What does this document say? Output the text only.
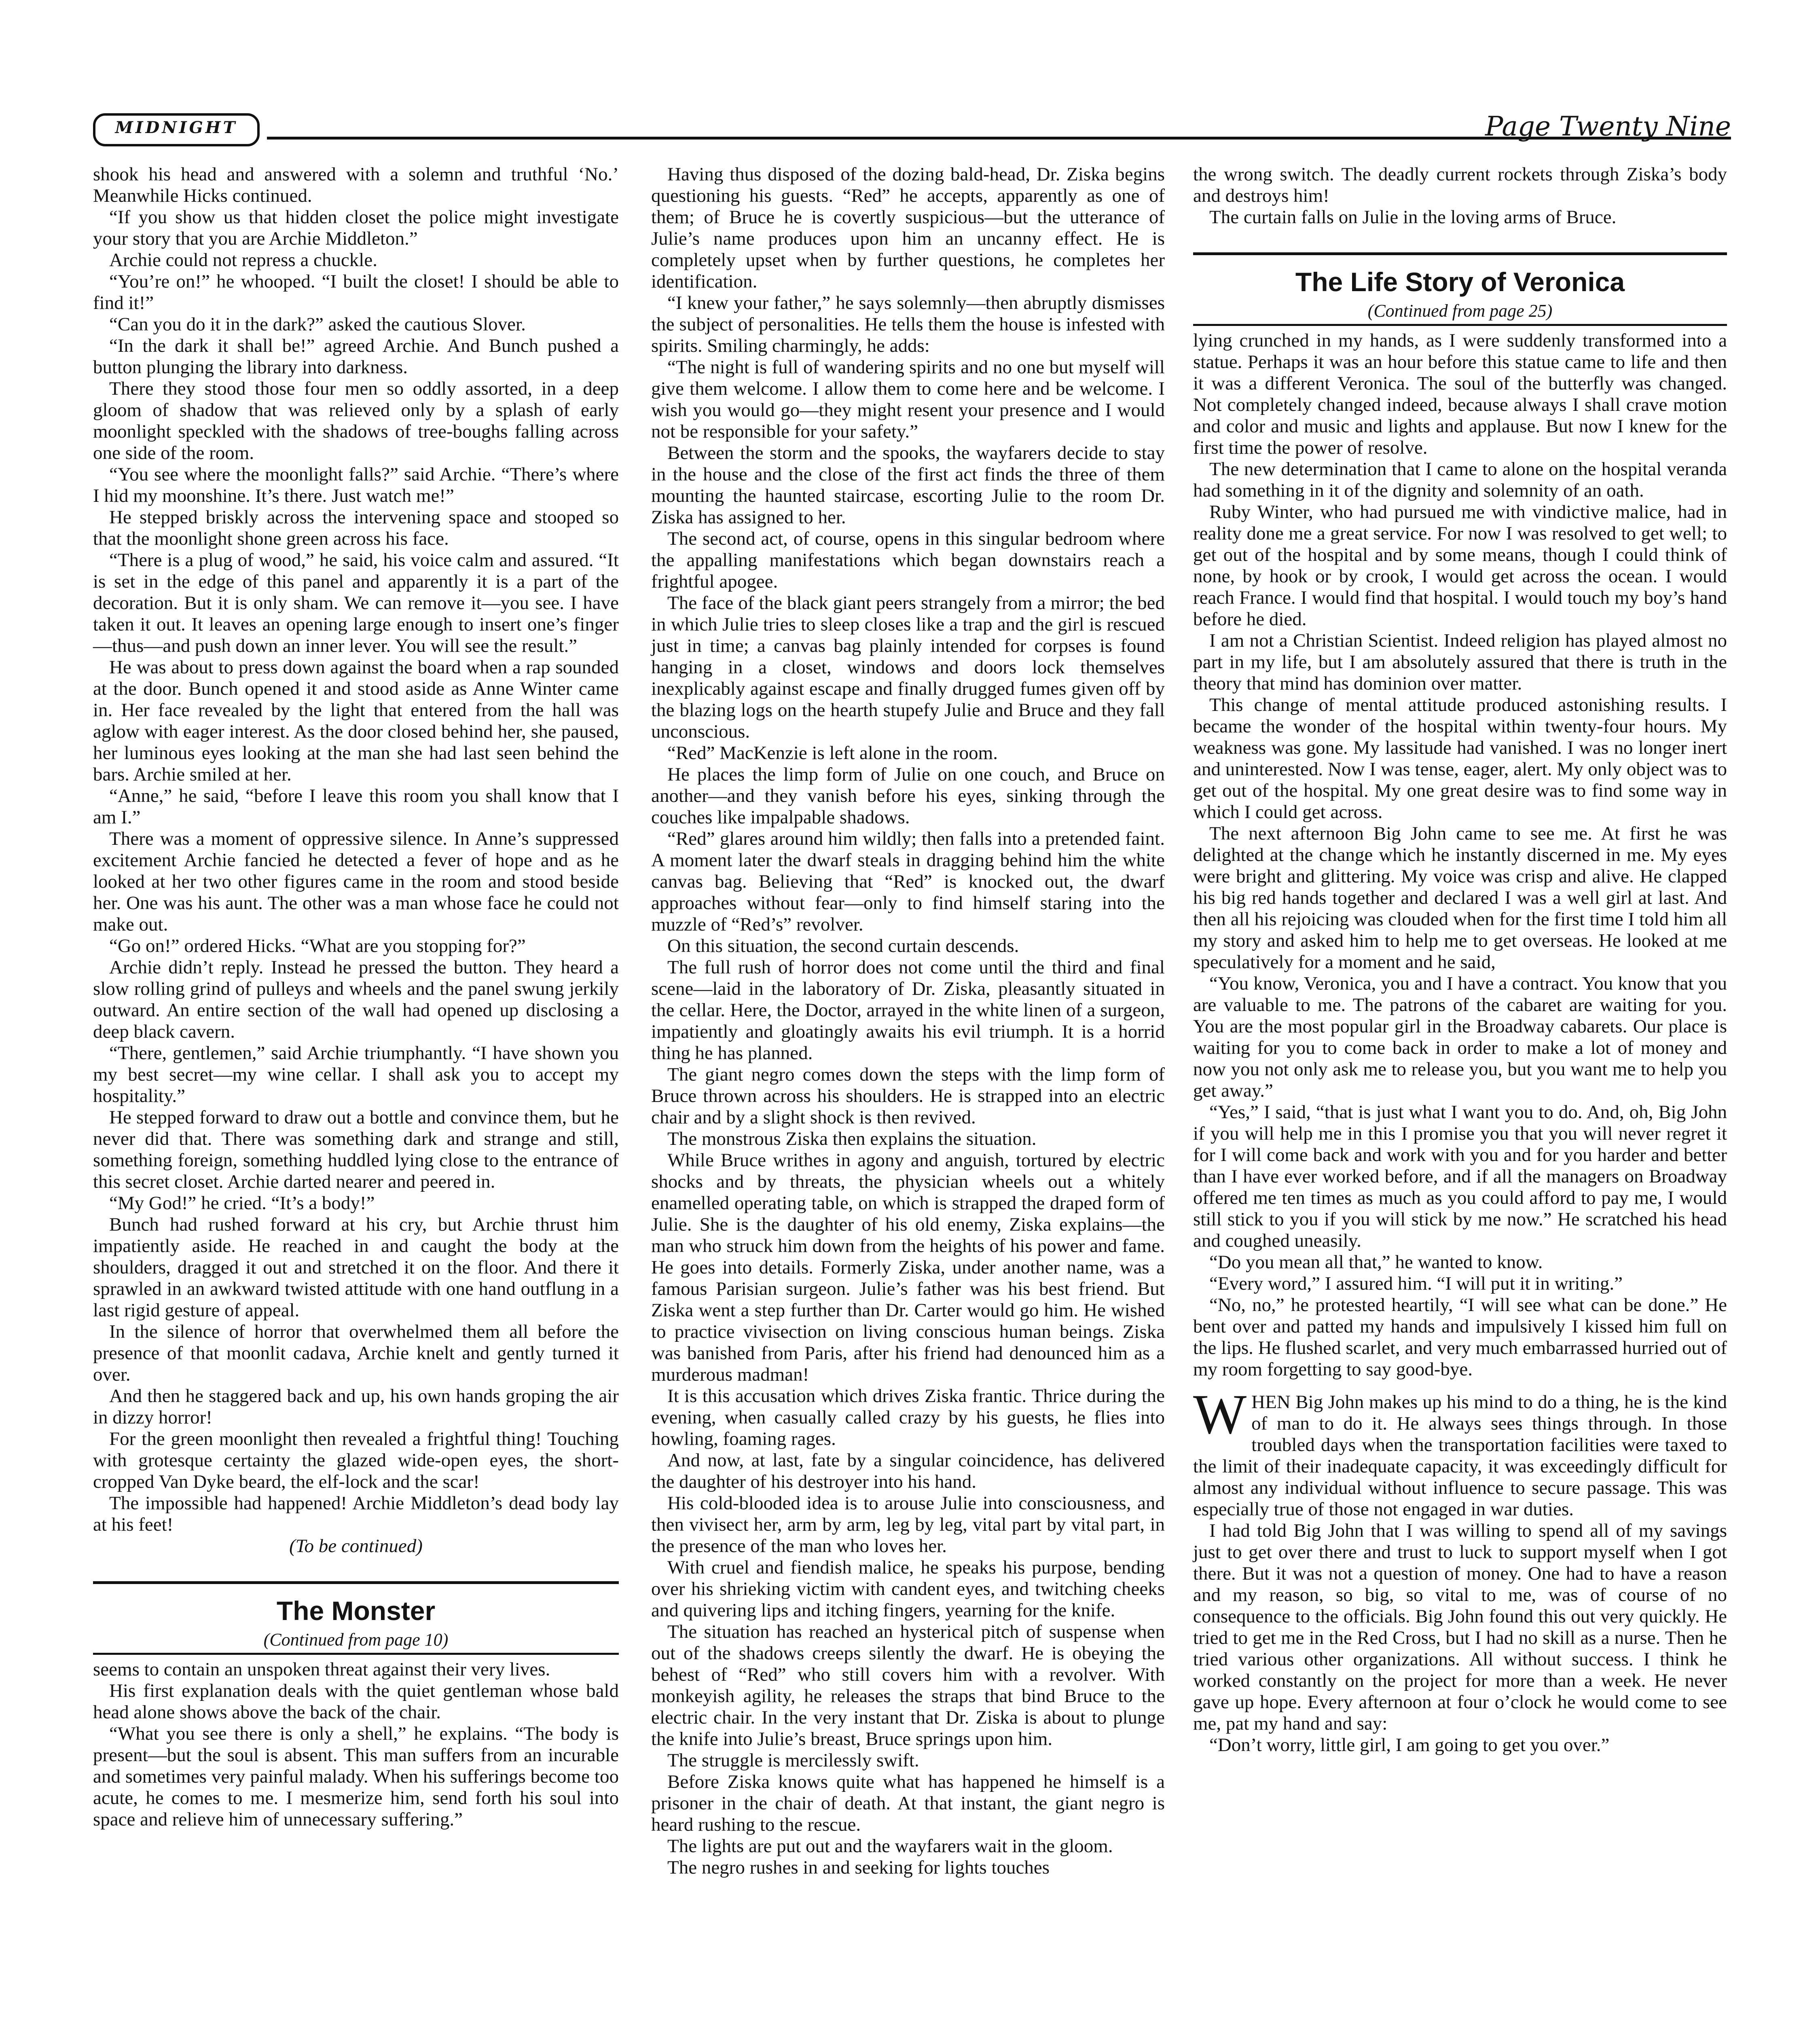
MIDNIGHT	Page Twenty Nine

shook his head and answered with a solemn and truthful ‘No.’ Meanwhile Hicks continued.

“If you show us that hidden closet the police might investigate your story that you are Archie Middleton.”

Archie could not repress a chuckle.

“You’re on!” he whooped. “I built the closet! I should be able to find it!”

“Can you do it in the dark?” asked the cautious Slover.

“In the dark it shall be!” agreed Archie. And Bunch pushed a button plunging the library into darkness.

There they stood those four men so oddly assorted, in a deep gloom of shadow that was relieved only by a splash of early moonlight speckled with the shadows of tree-boughs falling across one side of the room.

“You see where the moonlight falls?” said Archie. “There’s where I hid my moonshine. It’s there. Just watch me!”

He stepped briskly across the intervening space and stooped so that the moonlight shone green across his face.

“There is a plug of wood,” he said, his voice calm and assured. “It is set in the edge of this panel and apparently it is a part of the decoration. But it is only sham. We can remove it—you see. I have taken it out. It leaves an opening large enough to insert one’s finger—thus—and push down an inner lever. You will see the result.”

He was about to press down against the board when a rap sounded at the door. Bunch opened it and stood aside as Anne Winter came in. Her face revealed by the light that entered from the hall was aglow with eager interest. As the door closed behind her, she paused, her luminous eyes looking at the man she had last seen behind the bars. Archie smiled at her.

“Anne,” he said, “before I leave this room you shall know that I am I.”

There was a moment of oppressive silence. In Anne’s suppressed excitement Archie fancied he detected a fever of hope and as he looked at her two other figures came in the room and stood beside her. One was his aunt. The other was a man whose face he could not make out.

“Go on!” ordered Hicks. “What are you stopping for?”

Archie didn’t reply. Instead he pressed the button. They heard a slow rolling grind of pulleys and wheels and the panel swung jerkily outward. An entire section of the wall had opened up disclosing a deep black cavern.

“There, gentlemen,” said Archie triumphantly. “I have shown you my best secret—my wine cellar. I shall ask you to accept my hospitality.”

He stepped forward to draw out a bottle and convince them, but he never did that. There was something dark and strange and still, something foreign, something huddled lying close to the entrance of this secret closet. Archie darted nearer and peered in.

“My God!” he cried. “It’s a body!”

Bunch had rushed forward at his cry, but Archie thrust him impatiently aside. He reached in and caught the body at the shoulders, dragged it out and stretched it on the floor. And there it sprawled in an awkward twisted attitude with one hand outflung in a last rigid gesture of appeal.

In the silence of horror that overwhelmed them all before the presence of that moonlit cadava, Archie knelt and gently turned it over.

And then he staggered back and up, his own hands groping the air in dizzy horror!

For the green moonlight then revealed a frightful thing! Touching with grotesque certainty the glazed wide-open eyes, the short-cropped Van Dyke beard, the elf-lock and the scar!

The impossible had happened! Archie Middleton’s dead body lay at his feet!

(To be continued)

The Monster
(Continued from page 10)

seems to contain an unspoken threat against their very lives.

His first explanation deals with the quiet gentleman whose bald head alone shows above the back of the chair.

“What you see there is only a shell,” he explains. “The body is present—but the soul is absent. This man suffers from an incurable and sometimes very painful malady. When his sufferings become too acute, he comes to me. I mesmerize him, send forth his soul into space and relieve him of unnecessary suffering.”

Having thus disposed of the dozing bald-head, Dr. Ziska begins questioning his guests. “Red” he accepts, apparently as one of them; of Bruce he is covertly suspicious—but the utterance of Julie’s name produces upon him an uncanny effect. He is completely upset when by further questions, he completes her identification.

“I knew your father,” he says solemnly—then abruptly dismisses the subject of personalities. He tells them the house is infested with spirits. Smiling charmingly, he adds:

“The night is full of wandering spirits and no one but myself will give them welcome. I allow them to come here and be welcome. I wish you would go—they might resent your presence and I would not be responsible for your safety.”

Between the storm and the spooks, the wayfarers decide to stay in the house and the close of the first act finds the three of them mounting the haunted staircase, escorting Julie to the room Dr. Ziska has assigned to her.

The second act, of course, opens in this singular bedroom where the appalling manifestations which began downstairs reach a frightful apogee.

The face of the black giant peers strangely from a mirror; the bed in which Julie tries to sleep closes like a trap and the girl is rescued just in time; a canvas bag plainly intended for corpses is found hanging in a closet, windows and doors lock themselves inexplicably against escape and finally drugged fumes given off by the blazing logs on the hearth stupefy Julie and Bruce and they fall unconscious.

“Red” MacKenzie is left alone in the room.

He places the limp form of Julie on one couch, and Bruce on another—and they vanish before his eyes, sinking through the couches like impalpable shadows.

“Red” glares around him wildly; then falls into a pretended faint. A moment later the dwarf steals in dragging behind him the white canvas bag. Believing that “Red” is knocked out, the dwarf approaches without fear—only to find himself staring into the muzzle of “Red’s” revolver.

On this situation, the second curtain descends.

The full rush of horror does not come until the third and final scene—laid in the laboratory of Dr. Ziska, pleasantly situated in the cellar. Here, the Doctor, arrayed in the white linen of a surgeon, impatiently and gloatingly awaits his evil triumph. It is a horrid thing he has planned.

The giant negro comes down the steps with the limp form of Bruce thrown across his shoulders. He is strapped into an electric chair and by a slight shock is then revived.

The monstrous Ziska then explains the situation.

While Bruce writhes in agony and anguish, tortured by electric shocks and by threats, the physician wheels out a whitely enamelled operating table, on which is strapped the draped form of Julie. She is the daughter of his old enemy, Ziska explains—the man who struck him down from the heights of his power and fame. He goes into details. Formerly Ziska, under another name, was a famous Parisian surgeon. Julie’s father was his best friend. But Ziska went a step further than Dr. Carter would go him. He wished to practice vivisection on living conscious human beings. Ziska was banished from Paris, after his friend had denounced him as a murderous madman!

It is this accusation which drives Ziska frantic. Thrice during the evening, when casually called crazy by his guests, he flies into howling, foaming rages.

And now, at last, fate by a singular coincidence, has delivered the daughter of his destroyer into his hand.

His cold-blooded idea is to arouse Julie into consciousness, and then vivisect her, arm by arm, leg by leg, vital part by vital part, in the presence of the man who loves her.

With cruel and fiendish malice, he speaks his purpose, bending over his shrieking victim with candent eyes, and twitching cheeks and quivering lips and itching fingers, yearning for the knife.

The situation has reached an hysterical pitch of suspense when out of the shadows creeps silently the dwarf. He is obeying the behest of “Red” who still covers him with a revolver. With monkeyish agility, he releases the straps that bind Bruce to the electric chair. In the very instant that Dr. Ziska is about to plunge the knife into Julie’s breast, Bruce springs upon him.

The struggle is mercilessly swift.

Before Ziska knows quite what has happened he himself is a prisoner in the chair of death. At that instant, the giant negro is heard rushing to the rescue.

The lights are put out and the wayfarers wait in the gloom.

The negro rushes in and seeking for lights touches

the wrong switch. The deadly current rockets through Ziska’s body and destroys him!

The curtain falls on Julie in the loving arms of Bruce.

The Life Story of Veronica
(Continued from page 25)

lying crunched in my hands, as I were suddenly transformed into a statue. Perhaps it was an hour before this statue came to life and then it was a different Veronica. The soul of the butterfly was changed. Not completely changed indeed, because always I shall crave motion and color and music and lights and applause. But now I knew for the first time the power of resolve.

The new determination that I came to alone on the hospital veranda had something in it of the dignity and solemnity of an oath.

Ruby Winter, who had pursued me with vindictive malice, had in reality done me a great service. For now I was resolved to get well; to get out of the hospital and by some means, though I could think of none, by hook or by crook, I would get across the ocean. I would reach France. I would find that hospital. I would touch my boy’s hand before he died.

I am not a Christian Scientist. Indeed religion has played almost no part in my life, but I am absolutely assured that there is truth in the theory that mind has dominion over matter.

This change of mental attitude produced astonishing results. I became the wonder of the hospital within twenty-four hours. My weakness was gone. My lassitude had vanished. I was no longer inert and uninterested. Now I was tense, eager, alert. My only object was to get out of the hospital. My one great desire was to find some way in which I could get across.

The next afternoon Big John came to see me. At first he was delighted at the change which he instantly discerned in me. My eyes were bright and glittering. My voice was crisp and alive. He clapped his big red hands together and declared I was a well girl at last. And then all his rejoicing was clouded when for the first time I told him all my story and asked him to help me to get overseas. He looked at me speculatively for a moment and he said,

“You know, Veronica, you and I have a contract. You know that you are valuable to me. The patrons of the cabaret are waiting for you. You are the most popular girl in the Broadway cabarets. Our place is waiting for you to come back in order to make a lot of money and now you not only ask me to release you, but you want me to help you get away.”

“Yes,” I said, “that is just what I want you to do. And, oh, Big John if you will help me in this I promise you that you will never regret it for I will come back and work with you and for you harder and better than I have ever worked before, and if all the managers on Broadway offered me ten times as much as you could afford to pay me, I would still stick to you if you will stick by me now.” He scratched his head and coughed uneasily.

“Do you mean all that,” he wanted to know.

“Every word,” I assured him. “I will put it in writing.”

“No, no,” he protested heartily, “I will see what can be done.” He bent over and patted my hands and impulsively I kissed him full on the lips. He flushed scarlet, and very much embarrassed hurried out of my room forgetting to say good-bye.

WHEN Big John makes up his mind to do a thing, he is the kind of man to do it. He always sees things through. In those troubled days when the transportation facilities were taxed to the limit of their inadequate capacity, it was exceedingly difficult for almost any individual without influence to secure passage. This was especially true of those not engaged in war duties.

I had told Big John that I was willing to spend all of my savings just to get over there and trust to luck to support myself when I got there. But it was not a question of money. One had to have a reason and my reason, so big, so vital to me, was of course of no consequence to the officials. Big John found this out very quickly. He tried to get me in the Red Cross, but I had no skill as a nurse. Then he tried various other organizations. All without success. I think he worked constantly on the project for more than a week. He never gave up hope. Every afternoon at four o’clock he would come to see me, pat my hand and say:

“Don’t worry, little girl, I am going to get you over.”
